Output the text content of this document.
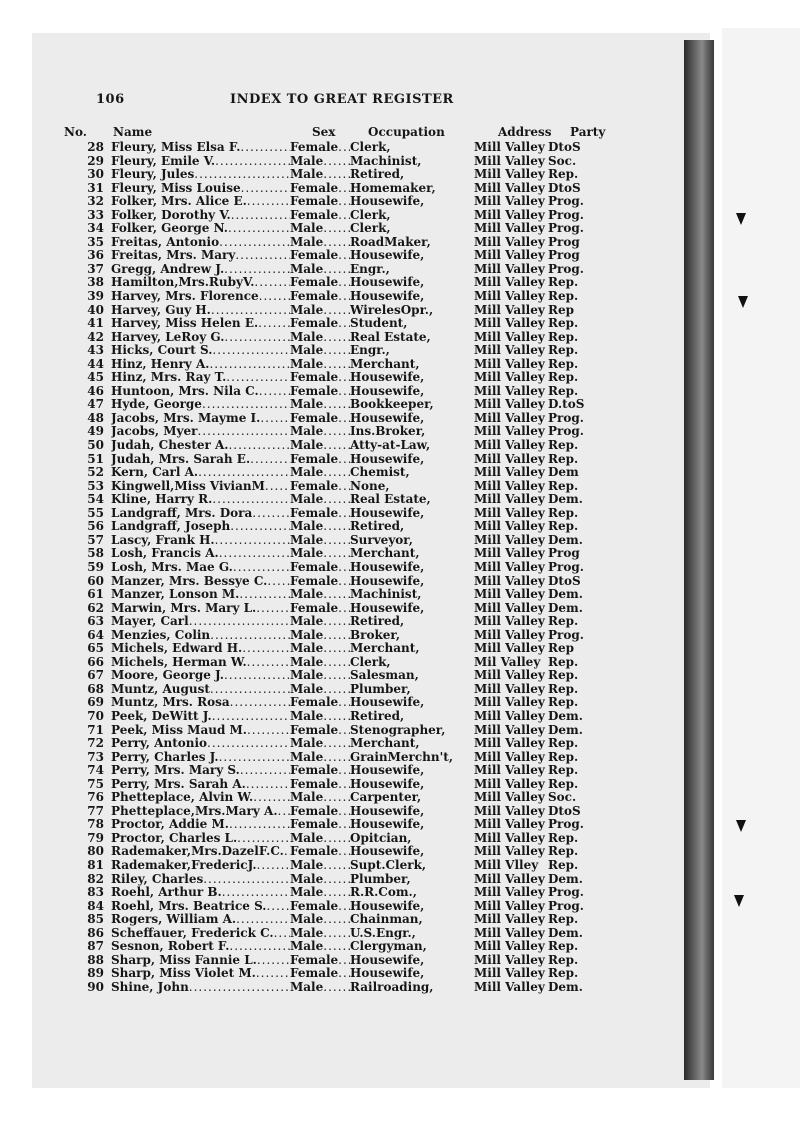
106	INDEX TO GREAT REGISTER
No. Name	Sex	Occupation	Address Party
28 Fleury, Miss Elsa F. .....	Female ..... Clerk,	Mill Valley DtoS
29 Fleury, Emile V. .....	Male .....	Machinist,	Mill Valley Soc.
30 Fleury, Jules .....	Male .....	Retired,	Mill Valley Rep.
31 Fleury, Miss Louise .....	Female ..... Homemaker,	Mill Valley DtoS
32 Folker, Mrs. Alice E. .....	Female ..... Housewife,	Mill Valley Prog.
33 Folker, Dorothy V. .....	Female ..... Clerk,	Mill Valley Prog.
34 Folker, George N. .....	Male .....	Clerk,	Mill Valley Prog.
35 Freitas, Antonio .....	Male .....	RoadMaker,	Mill Valley Prog
36 Freitas, Mrs. Mary .....	Female ..... Housewife,	Mill Valley Prog
37 Gregg, Andrew J. .....	Male .....	Engr.,	Mill Valley Prog.
38 Hamilton,Mrs.RubyV. .....	Female ..... Housewife,	Mill Valley Rep.
39 Harvey, Mrs. Florence .....	Female ..... Housewife,	Mill Valley Rep.
40 Harvey, Guy H. .....	Male .....	WirelesOpr.,	Mill Valley Rep
41 Harvey, Miss Helen E. .....	Female ..... Student,	Mill Valley Rep.
42 Harvey, LeRoy G. .....	Male .....	Real Estate,	Mill Valley Rep.
43 Hicks, Court S. .....	Male .....	Engr.,	Mill Valley Rep.
44 Hinz, Henry A. .....	Male .....	Merchant,	Mill Valley Rep.
45 Hinz, Mrs. Ray T. .....	Female ..... Housewife,	Mill Valley Rep.
46 Huntoon, Mrs. Nila C. .....	Female ..... Housewife,	Mill Valley Rep.
47 Hyde, George .....	Male .....	Bookkeeper,	Mill Valley D.toS
48 Jacobs, Mrs. Mayme I. .....	Female ..... Housewife,	Mill Valley Prog.
49 Jacobs, Myer .....	Male .....	Ins.Broker,	Mill Valley Prog.
50 Judah, Chester A. .....	Male .....	Atty-at-Law,	Mill Valley Rep.
51 Judah, Mrs. Sarah E. .....	Female ..... Housewife,	Mill Valley Rep.
52 Kern, Carl A. .....	Male .....	Chemist,	Mill Valley Dem
53 Kingwell,Miss VivianM .....	Female ..... None,	Mill Valley Rep.
54 Kline, Harry R. .....	Male .....	Real Estate,	Mill Valley Dem.
55 Landgraff, Mrs. Dora .....	Female ..... Housewife,	Mill Valley Rep.
56 Landgraff, Joseph .....	Male .....	Retired,	Mill Valley Rep.
57 Lascy, Frank H. .....	Male .....	Surveyor,	Mill Valley Dem.
58 Losh, Francis A. .....	Male .....	Merchant,	Mill Valley Prog
59 Losh, Mrs. Mae G. .....	Female ..... Housewife,	Mill Valley Prog.
60 Manzer, Mrs. Bessye C. .....	Female ..... Housewife,	Mill Valley DtoS
61 Manzer, Lonson M. .....	Male .....	Machinist,	Mill Valley Dem.
62 Marwin, Mrs. Mary L. .....	Female ..... Housewife,	Mill Valley Dem.
63 Mayer, Carl .....	Male .....	Retired,	Mill Valley Rep.
64 Menzies, Colin .....	Male .....	Broker,	Mill Valley Prog.
65 Michels, Edward H. .....	Male .....	Merchant,	Mill Valley Rep
66 Michels, Herman W. .....	Male .....	Clerk,	Mil Valley Rep.
67 Moore, George J. .....	Male .....	Salesman,	Mill Valley Rep.
68 Muntz, August .....	Male .....	Plumber,	Mill Valley Rep.
69 Muntz, Mrs. Rosa .....	Female ..... Housewife,	Mill Valley Rep.
70 Peek, DeWitt J. .....	Male .....	Retired,	Mill Valley Dem.
71 Peek, Miss Maud M. .....	Female ..... Stenographer,	Mill Valley Dem.
72 Perry, Antonio .....	Male .....	Merchant,	Mill Valley Rep.
73 Perry, Charles J. .....	Male .....	GrainMerchn't,	Mill Valley Rep.
74 Perry, Mrs. Mary S. .....	Female ..... Housewife,	Mill Valley Rep.
75 Perry, Mrs. Sarah A. .....	Female ..... Housewife,	Mill Valley Rep.
76 Phetteplace, Alvin W. .....	Male .....	Carpenter,	Mill Valley Soc.
77 Phetteplace,Mrs.Mary A. .....	Female ..... Housewife,	Mill Valley DtoS
78 Proctor, Addie M. .....	Female ..... Housewife,	Mill Valley Prog.
79 Proctor, Charles L. .....	Male .....	Opitcian,	Mill Valley Rep.
80 Rademaker,Mrs.DazelF.C. ..... Female ..... Housewife,	Mill Valley Rep.
81 Rademaker,FredericJ. .....	Male .....	Supt.Clerk,	Mill Vlley Rep.
82 Riley, Charles .....	Male .....	Plumber,	Mill Valley Dem.
83 Roehl, Arthur B. .....	Male .....	R.R.Com.,	Mill Valley Prog.
84 Roehl, Mrs. Beatrice S. .....	Female ..... Housewife,	Mill Valley Prog.
85 Rogers, William A. .....	Male .....	Chainman,	Mill Valley Rep.
86 Scheffauer, Frederick C. .....	Male .....	U.S.Engr.,	Mill Valley Dem.
87 Sesnon, Robert F. .....	Male .....	Clergyman,	Mill Valley Rep.
88 Sharp, Miss Fannie L. .....	Female ..... Housewife,	Mill Valley Rep.
89 Sharp, Miss Violet M. .....	Female ..... Housewife,	Mill Valley Rep.
90 Shine, John .....	Male .....	Railroading,	Mill Valley Dem.
